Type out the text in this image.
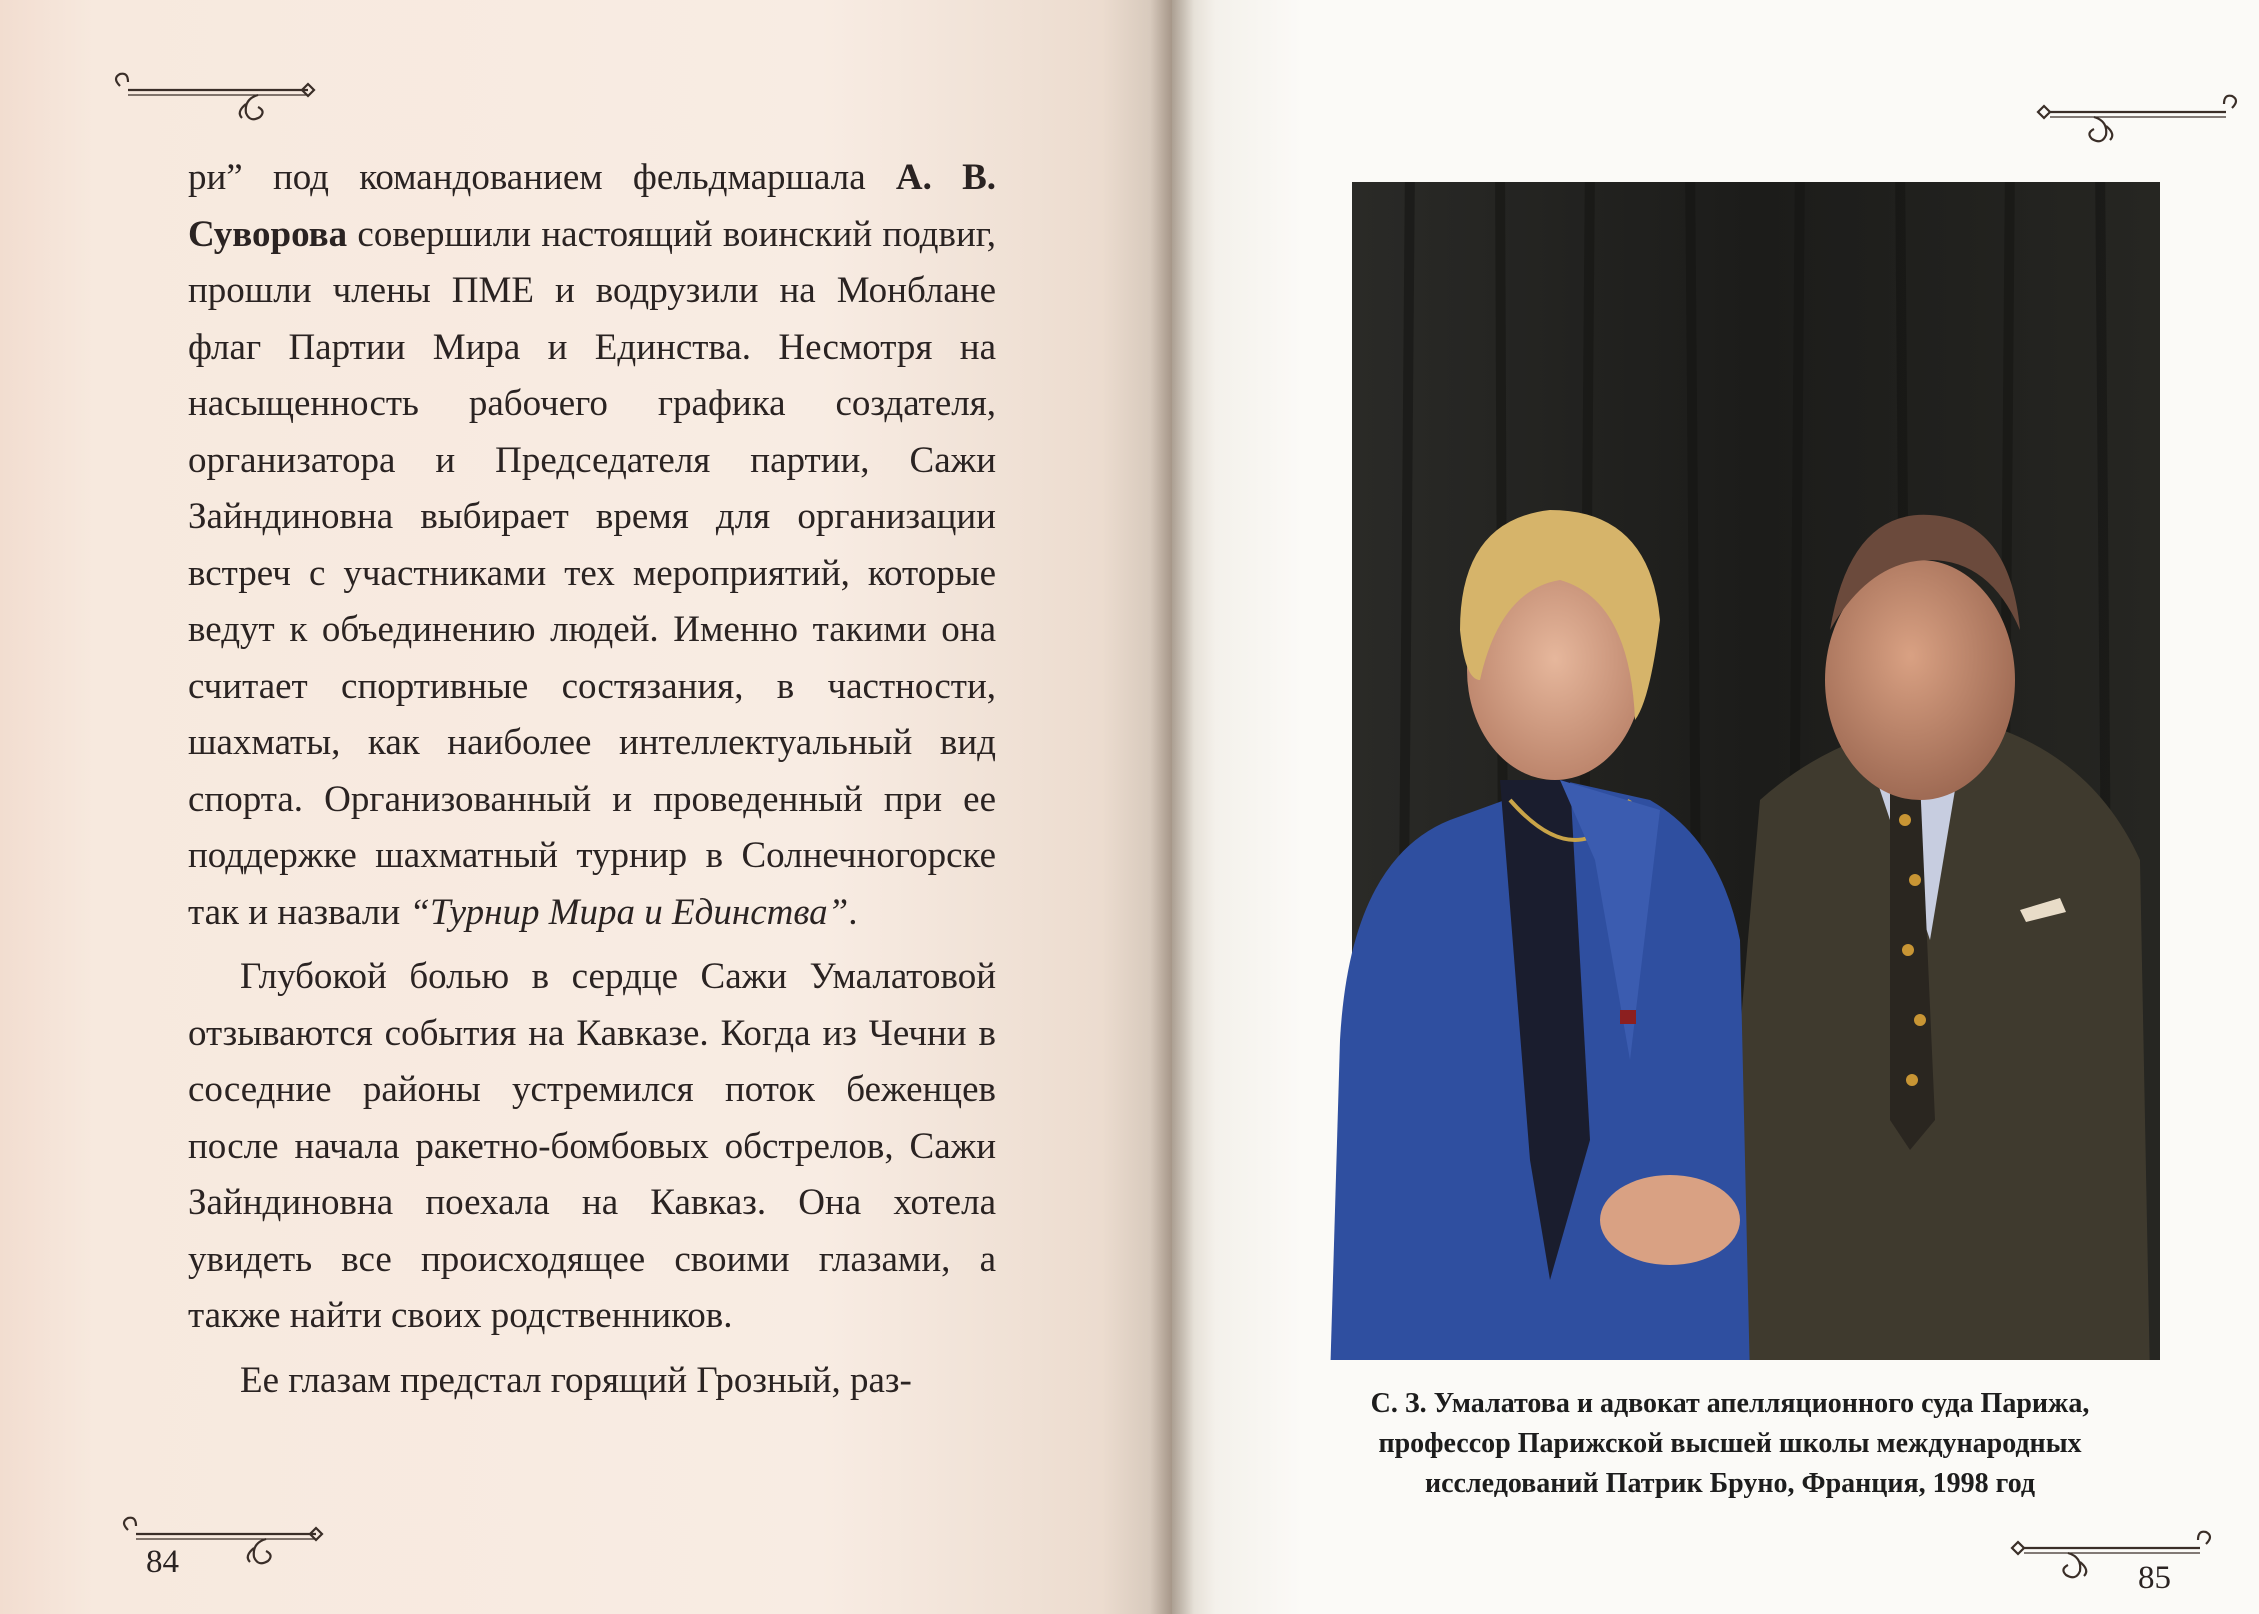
ри” под командованием фельдмаршала А. В. Суворова совершили настоящий воинский подвиг, прошли члены ПМЕ и водрузили на Монблане флаг Партии Мира и Единства. Несмотря на насыщенность рабочего графика создателя, организатора и Председателя партии, Сажи Зайндиновна выбирает время для организации встреч с участниками тех мероприятий, которые ведут к объединению людей. Именно такими она считает спортивные состязания, в частности, шахматы, как наиболее интеллектуальный вид спорта. Организованный и проведенный при ее поддержке шахматный турнир в Солнечногорске так и назвали “Турнир Мира и Единства”.

Глубокой болью в сердце Сажи Умалатовой отзываются события на Кавказе. Когда из Чечни в соседние районы устремился поток беженцев после начала ракетно-бомбовых обстрелов, Сажи Зайндиновна поехала на Кавказ. Она хотела увидеть все происходящее своими глазами, а также найти своих родственников.

Ее глазам предстал горящий Грозный, раз-

84
С. З. Умалатова и адвокат апелляционного суда Парижа,
профессор Парижской высшей школы международных
исследований Патрик Бруно, Франция, 1998 год
85
